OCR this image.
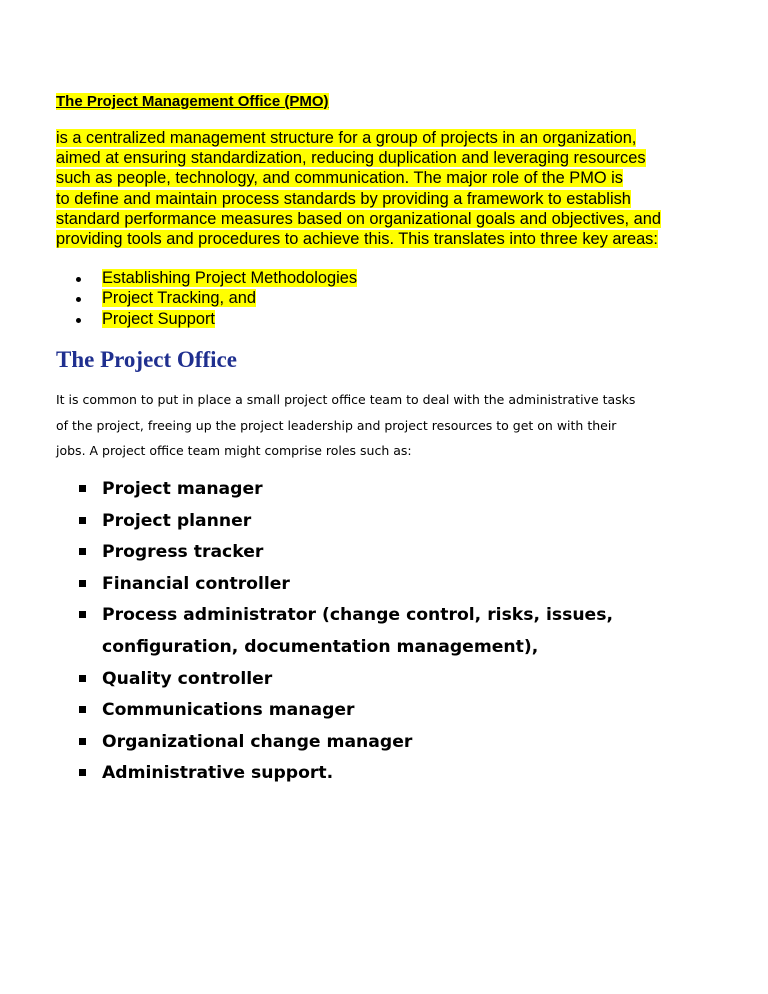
The Project Management Office (PMO)

is a centralized management structure for a group of projects in an organization,
aimed at ensuring standardization, reducing duplication and leveraging resources
such as people, technology, and communication. The major role of the PMO is
to define and maintain process standards by providing a framework to establish
standard performance measures based on organizational goals and objectives, and
providing tools and procedures to achieve this. This translates into three key areas:

Establishing Project Methodologies
Project Tracking, and
Project Support
The Project Office

It is common to put in place a small project office team to deal with the administrative tasks
of the project, freeing up the project leadership and project resources to get on with their
jobs. A project office team might comprise roles such as:

Project manager
Project planner
Progress tracker
Financial controller
Process administrator (change control, risks, issues,
configuration, documentation management),
Quality controller
Communications manager
Organizational change manager
Administrative support.
